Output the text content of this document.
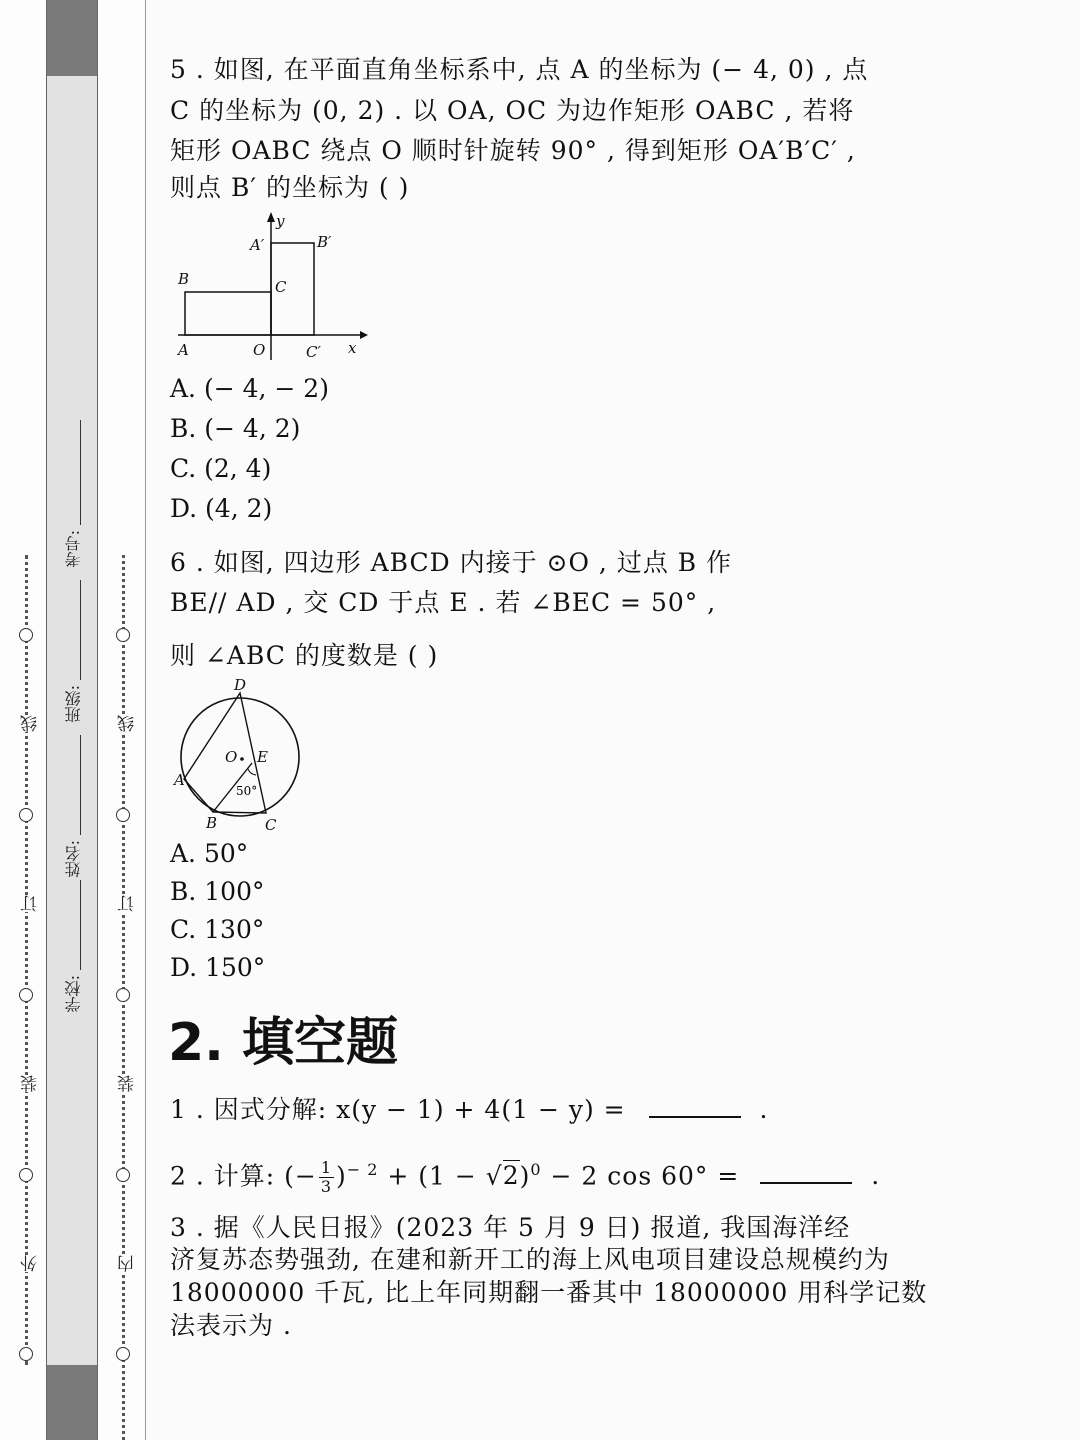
外
装
订
线
内
装
订
线
学校:
姓名:
班级:
考号:
5 . 如图, 在平面直角坐标系中, 点 A 的坐标为 (− 4, 0) , 点
C 的坐标为 (0, 2) . 以 OA, OC 为边作矩形 OABC , 若将
矩形 OABC 绕点 O 顺时针旋转 90° , 得到矩形 OA′B′C′ ,
则点 B′ 的坐标为 ( )
y
A′	B′
B	C
A	O	C′ x
A. (− 4, − 2)
B. (− 4, 2)
C. (2, 4)
D. (4, 2)
6 . 如图, 四边形 ABCD 内接于 ⊙O , 过点 B 作
BE// AD , 交 CD 于点 E . 若 ∠BEC = 50° ,
则 ∠ABC 的度数是 ( )
D
O E
A
50°
B	C
A. 50°
B. 100°
C. 130°
D. 150°
2. 填空题
1 . 因式分解: x(y − 1) + 4(1 − y) =	.
2 . 计算: (− $\frac{1}{3} )^{- 2} + (1 - √2)^0 - 2$ cos 60° =	.
3 . 据《人民日报》(2023 年 5 月 9 日) 报道, 我国海洋经
济复苏态势强劲, 在建和新开工的海上风电项目建设总规模约为
18000000 千瓦, 比上年同期翻一番其中 18000000 用科学记数
法表示为 .
